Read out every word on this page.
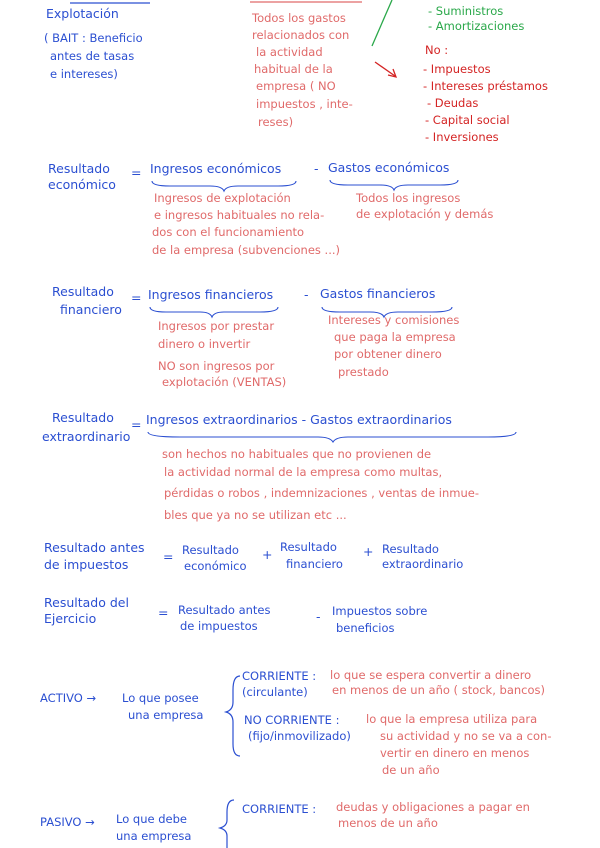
Explotación
( BAIT : Beneficio
antes de tasas
e intereses)
Todos los gastos
relacionados con
la actividad
habitual de la
empresa ( NO
impuestos , inte-
reses)
- Suministros
- Amortizaciones
No :
- Impuestos
- Intereses préstamos
- Deudas
- Capital social
- Inversiones
Resultado
económico
= Ingresos económicos	- Gastos económicos
Ingresos de explotación
e ingresos habituales no rela-
dos con el funcionamiento
de la empresa (subvenciones ...)
Todos los ingresos
de explotación y demás
Resultado
financiero
= Ingresos financieros - Gastos financieros
Ingresos por prestar
dinero o invertir
NO son ingresos por
explotación (VENTAS)
Intereses y comisiones
que paga la empresa
por obtener dinero
prestado
Resultado
extraordinario
= Ingresos extraordinarios - Gastos extraordinarios
son hechos no habituales que no provienen de
la actividad normal de la empresa como multas,
pérdidas o robos , indemnizaciones , ventas de inmue-
bles que ya no se utilizan etc ...
Resultado antes
de impuestos
= Resultado
económico
+ Resultado
financiero
+ Resultado
extraordinario
Resultado del
Ejercicio	= Resultado antes
de impuestos
- Impuestos sobre
beneficios
ACTIVO → Lo que posee
una empresa
CORRIENTE :
(circulante)
lo que se espera convertir a dinero
en menos de un año ( stock, bancos)
NO CORRIENTE :
(fijo/inmovilizado)
lo que la empresa utiliza para
su actividad y no se va a con-
vertir en dinero en menos
de un año
PASIVO → Lo que debe
una empresa
CORRIENTE : deudas y obligaciones a pagar en
menos de un año
